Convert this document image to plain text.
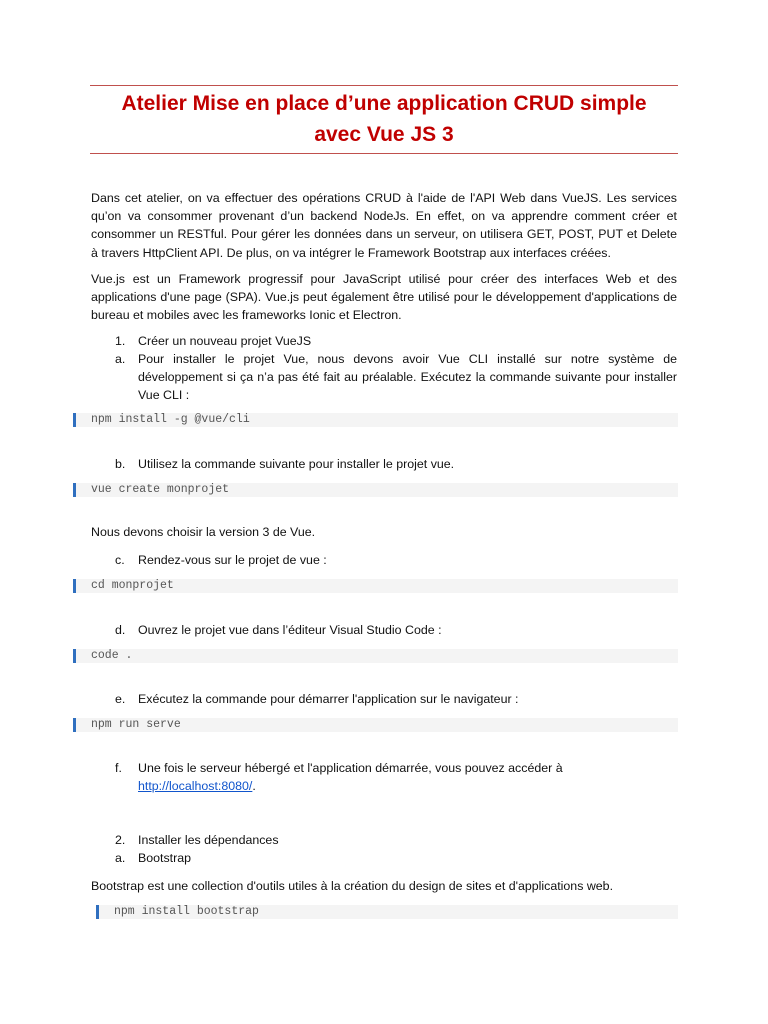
Atelier Mise en place d’une application CRUD simple
avec Vue JS 3
Dans cet atelier, on va effectuer des opérations CRUD à l'aide de l'API Web dans VueJS. Les services qu’on va consommer provenant d’un backend NodeJs. En effet, on va apprendre comment créer et consommer un RESTful. Pour gérer les données dans un serveur, on utilisera GET, POST, PUT et Delete à travers HttpClient API. De plus, on va intégrer le Framework Bootstrap aux interfaces créées.
Vue.js est un Framework progressif pour JavaScript utilisé pour créer des interfaces Web et des applications d'une page (SPA). Vue.js peut également être utilisé pour le développement d'applications de bureau et mobiles avec les frameworks Ionic et Electron.
1.	Créer un nouveau projet VueJS
a.	Pour installer le projet Vue, nous devons avoir Vue CLI installé sur notre système de développement si ça n’a pas été fait au préalable. Exécutez la commande suivante pour installer Vue CLI :
npm install -g @vue/cli
b.	Utilisez la commande suivante pour installer le projet vue.
vue create monprojet
Nous devons choisir la version 3 de Vue.
c.	Rendez-vous sur le projet de vue :
cd monprojet
d.	Ouvrez le projet vue dans l’éditeur Visual Studio Code :
code .
e.	Exécutez la commande pour démarrer l'application sur le navigateur :
npm run serve
f.	Une fois le serveur hébergé et l'application démarrée, vous pouvez accéder à
http://localhost:8080/.
2.	Installer les dépendances
a.	Bootstrap
Bootstrap est une collection d'outils utiles à la création du design de sites et d'applications web.
npm install bootstrap
